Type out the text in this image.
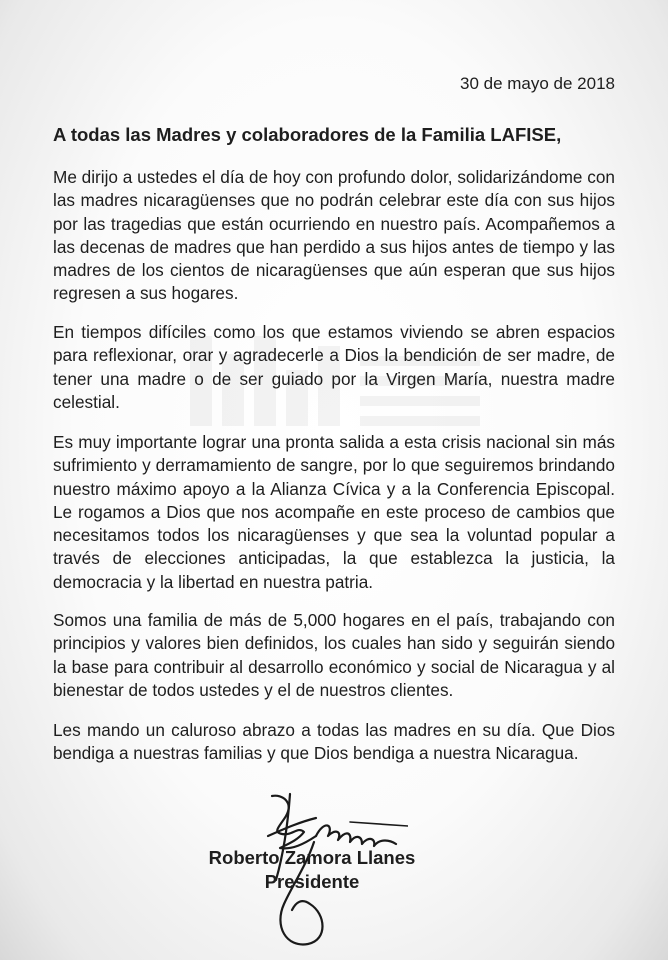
30 de mayo de 2018

A todas las Madres y colaboradores de la Familia LAFISE,

Me dirijo a ustedes el día de hoy con profundo dolor, solidarizándome con las madres nicaragüenses que no podrán celebrar este día con sus hijos por las tragedias que están ocurriendo en nuestro país. Acompañemos a las decenas de madres que han perdido a sus hijos antes de tiempo y las madres de los cientos de nicaragüenses que aún esperan que sus hijos regresen a sus hogares.

En tiempos difíciles como los que estamos viviendo se abren espacios para reflexionar, orar y agradecerle a Dios la bendición de ser madre, de tener una madre o de ser guiado por la Virgen María, nuestra madre celestial.

Es muy importante lograr una pronta salida a esta crisis nacional sin más sufrimiento y derramamiento de sangre, por lo que seguiremos brindando nuestro máximo apoyo a la Alianza Cívica y a la Conferencia Episcopal. Le rogamos a Dios que nos acompañe en este proceso de cambios que necesitamos todos los nicaragüenses y que sea la voluntad popular a través de elecciones anticipadas, la que establezca la justicia, la democracia y la libertad en nuestra patria.

Somos una familia de más de 5,000 hogares en el país, trabajando con principios y valores bien definidos, los cuales han sido y seguirán siendo la base para contribuir al desarrollo económico y social de Nicaragua y al bienestar de todos ustedes y el de nuestros clientes.

Les mando un caluroso abrazo a todas las madres en su día. Que Dios bendiga a nuestras familias y que Dios bendiga a nuestra Nicaragua.

Roberto Zamora Llanes

Presidente
